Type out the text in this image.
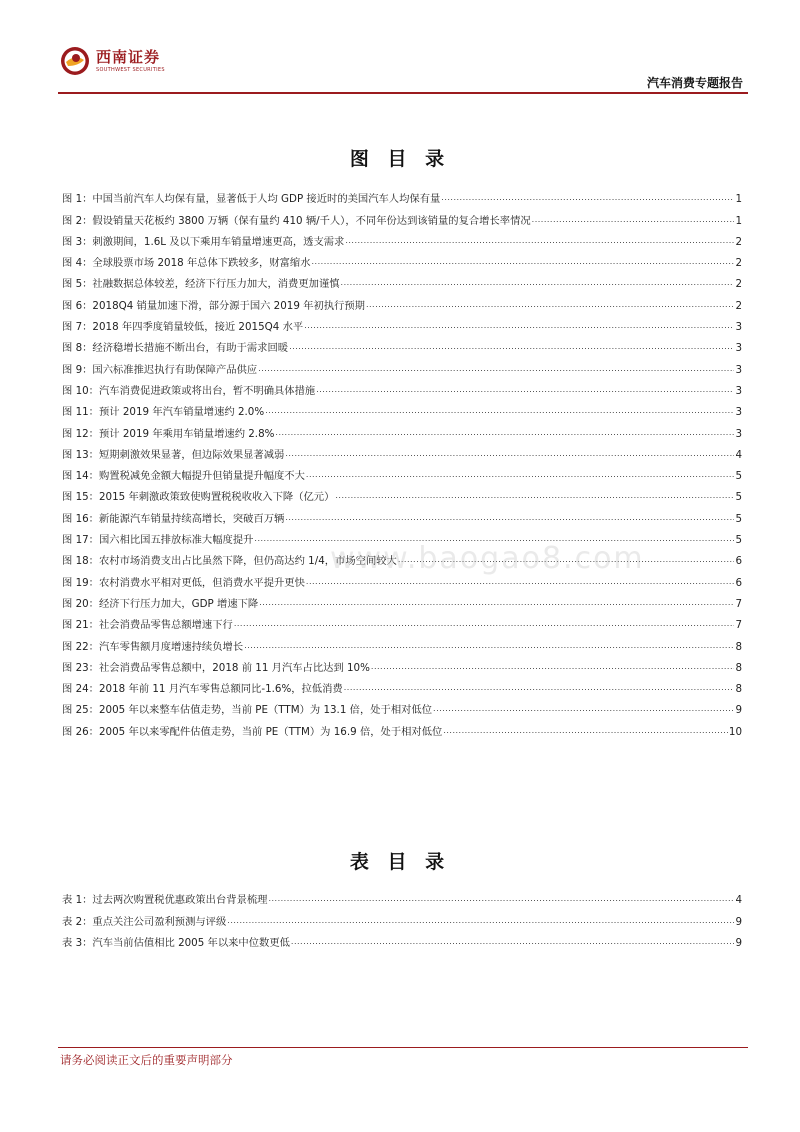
西南证券
SOUTHWEST SECURITIES
汽车消费专题报告
图 目 录
图 1：中国当前汽车人均保有量，显著低于人均 GDP 接近时的美国汽车人均保有量 .....	1
图 2：假设销量天花板约 3800 万辆（保有量约 410 辆/千人），不同年份达到该销量的复合增长率情况 .....	1
图 3：刺激期间，1.6L 及以下乘用车销量增速更高，透支需求 .....	2
图 4：全球股票市场 2018 年总体下跌较多，财富缩水 .....	2
图 5：社融数据总体较差，经济下行压力加大，消费更加谨慎 .....	2
图 6：2018Q4 销量加速下滑，部分源于国六 2019 年初执行预期 .....	2
图 7：2018 年四季度销量较低，接近 2015Q4 水平 .....	3
图 8：经济稳增长措施不断出台，有助于需求回暖 .....	3
图 9：国六标准推迟执行有助保障产品供应 .....	3
图 10：汽车消费促进政策或将出台，暂不明确具体措施 .....	3
图 11：预计 2019 年汽车销量增速约 2.0% .....	3
图 12：预计 2019 年乘用车销量增速约 2.8% .....	3
图 13：短期刺激效果显著，但边际效果显著减弱 .....	4
图 14：购置税减免金额大幅提升但销量提升幅度不大 .....	5
图 15：2015 年刺激政策致使购置税税收收入下降（亿元） .....	5
图 16：新能源汽车销量持续高增长，突破百万辆 .....	5
图 17：国六相比国五排放标准大幅度提升 .....	5
图 18：农村市场消费支出占比虽然下降，但仍高达约 1/4，市场空间较大 .....	6
图 19：农村消费水平相对更低，但消费水平提升更快 .....	6
图 20：经济下行压力加大，GDP 增速下降 .....	7
图 21：社会消费品零售总额增速下行 .....	7
图 22：汽车零售额月度增速持续负增长 .....	8
图 23：社会消费品零售总额中，2018 前 11 月汽车占比达到 10% .....	8
图 24：2018 年前 11 月汽车零售总额同比-1.6%，拉低消费 .....	8
图 25：2005 年以来整车估值走势，当前 PE（TTM）为 13.1 倍，处于相对低位 .....	9
图 26：2005 年以来零配件估值走势，当前 PE（TTM）为 16.9 倍，处于相对低位 .....	10
www.baogao8.com
表 目 录
表 1：过去两次购置税优惠政策出台背景梳理 .....	4
表 2：重点关注公司盈利预测与评级 .....	9
表 3：汽车当前估值相比 2005 年以来中位数更低 .....	9
请务必阅读正文后的重要声明部分
